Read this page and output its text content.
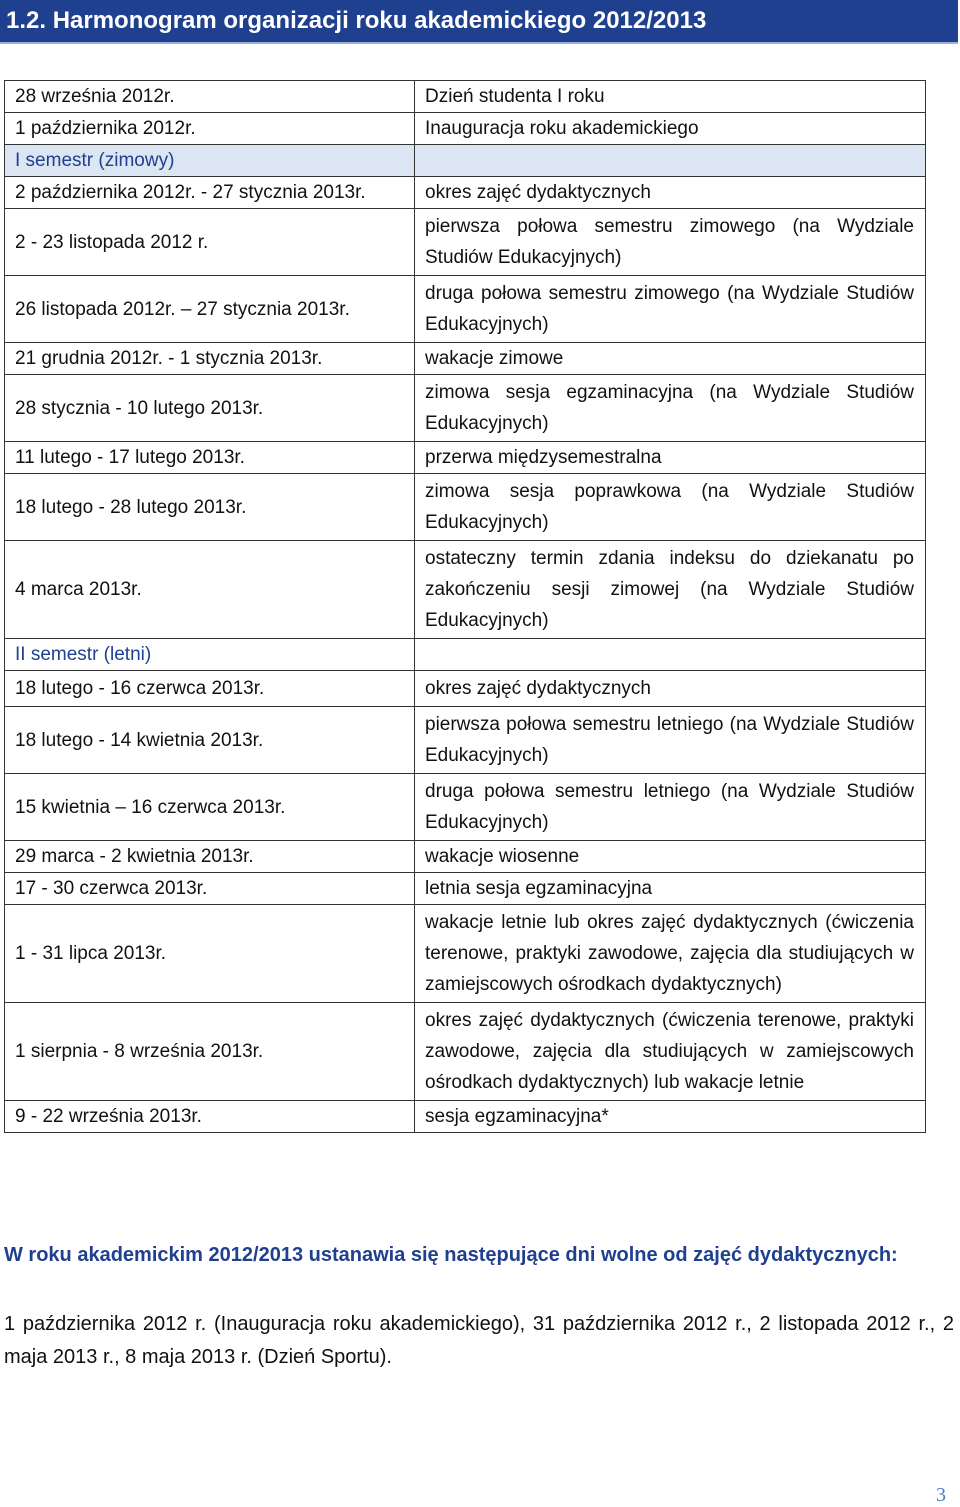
1.2. Harmonogram organizacji roku akademickiego 2012/2013
28 września 2012r.	Dzień studenta I roku
1 października 2012r.	Inauguracja roku akademickiego
I semestr (zimowy)	
2 października 2012r. - 27 stycznia 2013r.	okres zajęć dydaktycznych
2 - 23 listopada 2012 r.	pierwsza połowa semestru zimowego (na Wydziale Studiów Edukacyjnych)
26 listopada 2012r. – 27 stycznia 2013r.	druga połowa semestru zimowego (na Wydziale Studiów Edukacyjnych)
21 grudnia 2012r. - 1 stycznia 2013r.	wakacje zimowe
28 stycznia - 10 lutego 2013r.	zimowa sesja egzaminacyjna (na Wydziale Studiów Edukacyjnych)
11 lutego - 17 lutego 2013r.	przerwa międzysemestralna
18 lutego - 28 lutego 2013r.	zimowa sesja poprawkowa (na Wydziale Studiów Edukacyjnych)
4 marca 2013r.	ostateczny termin zdania indeksu do dziekanatu po zakończeniu sesji zimowej (na Wydziale Studiów Edukacyjnych)
II semestr (letni)	
18 lutego - 16 czerwca 2013r.	okres zajęć dydaktycznych
18 lutego - 14 kwietnia 2013r.	pierwsza połowa semestru letniego (na Wydziale Studiów Edukacyjnych)
15 kwietnia – 16 czerwca 2013r.	druga połowa semestru letniego (na Wydziale Studiów Edukacyjnych)
29 marca - 2 kwietnia 2013r.	wakacje wiosenne
17 - 30 czerwca 2013r.	letnia sesja egzaminacyjna
1 - 31 lipca 2013r.	wakacje letnie lub okres zajęć dydaktycznych (ćwiczenia terenowe, praktyki zawodowe, zajęcia dla studiujących w zamiejscowych ośrodkach dydaktycznych)
1 sierpnia - 8 września 2013r.	okres zajęć dydaktycznych (ćwiczenia terenowe, praktyki zawodowe, zajęcia dla studiujących w zamiejscowych ośrodkach dydaktycznych) lub wakacje letnie
9 - 22 września 2013r.	sesja egzaminacyjna*
W roku akademickim 2012/2013 ustanawia się następujące dni wolne od zajęć dydaktycznych:
1 października 2012 r. (Inauguracja roku akademickiego), 31 października 2012 r., 2 listopada 2012 r., 2 maja 2013 r., 8 maja 2013 r. (Dzień Sportu).
3
